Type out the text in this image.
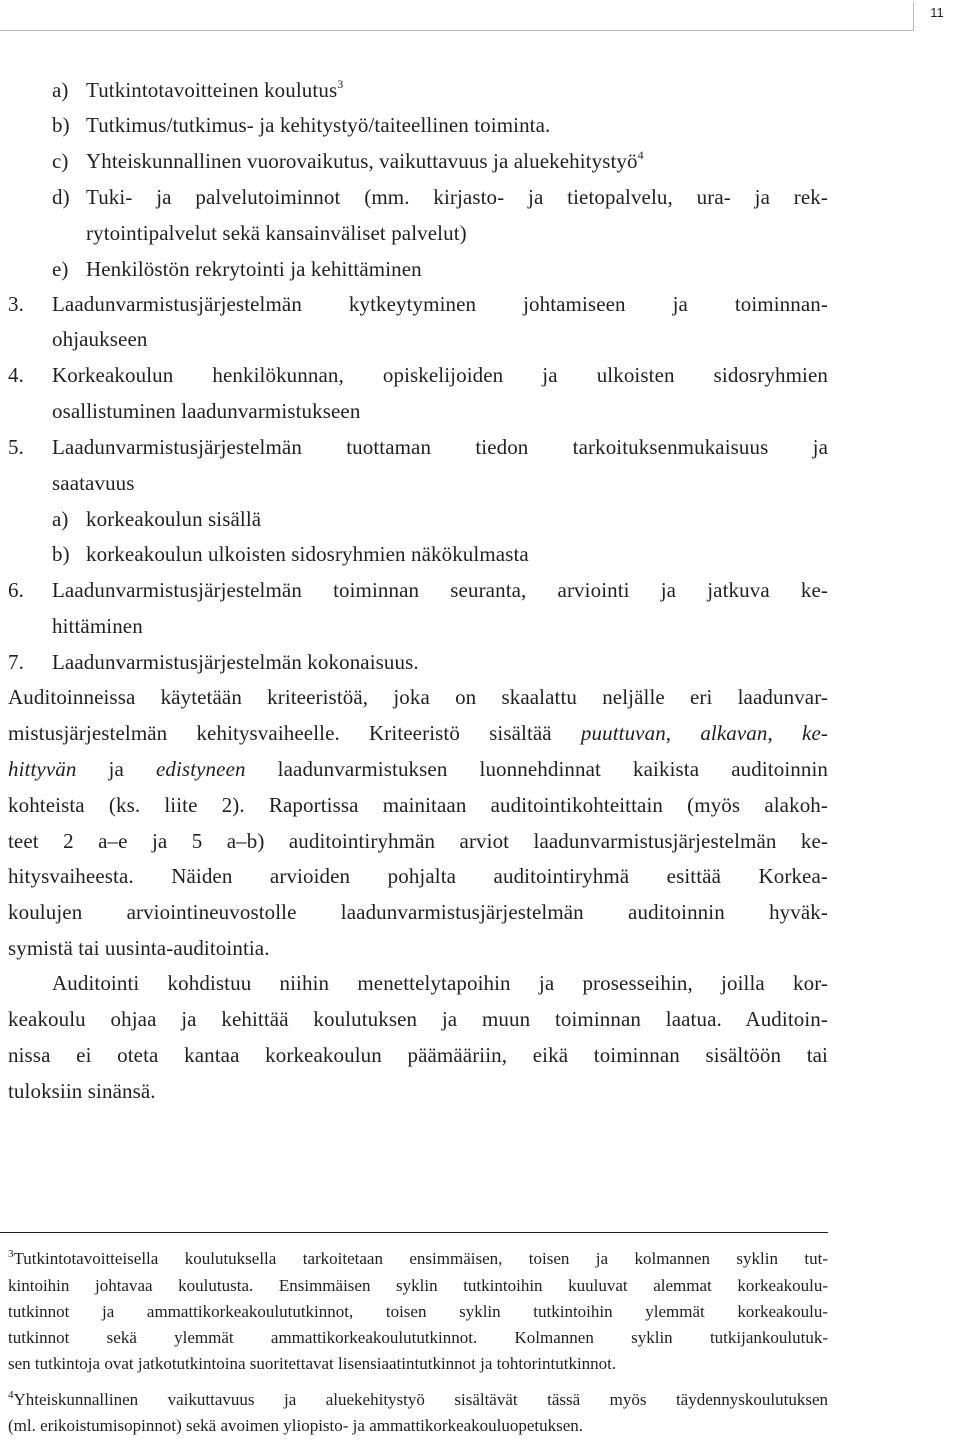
11
a) Tutkintotavoitteinen koulutus$^3$
b) Tutkimus/tutkimus- ja kehitystyö/taiteellinen toiminta.
c) Yhteiskunnallinen vuorovaikutus, vaikuttavuus ja aluekehitystyö$^4$
d) Tuki- ja palvelutoiminnot (mm. kirjasto- ja tietopalvelu, ura- ja rek-
rytointipalvelut sekä kansainväliset palvelut)
e) Henkilöstön rekrytointi ja kehittäminen
3. Laadunvarmistusjärjestelmän kytkeytyminen johtamiseen ja toiminnan-
ohjaukseen
4. Korkeakoulun henkilökunnan, opiskelijoiden ja ulkoisten sidosryhmien
osallistuminen laadunvarmistukseen
5. Laadunvarmistusjärjestelmän tuottaman tiedon tarkoituksenmukaisuus ja
saatavuus
a) korkeakoulun sisällä
b) korkeakoulun ulkoisten sidosryhmien näkökulmasta
6. Laadunvarmistusjärjestelmän toiminnan seuranta, arviointi ja jatkuva ke-
hittäminen
7. Laadunvarmistusjärjestelmän kokonaisuus.
Auditoinneissa käytetään kriteeristöä, joka on skaalattu neljälle eri laadunvar-
mistusjärjestelmän kehitysvaiheelle. Kriteeristö sisältää puuttuvan, alkavan, ke-
hittyvän ja edistyneen laadunvarmistuksen luonnehdinnat kaikista auditoinnin
kohteista (ks. liite 2). Raportissa mainitaan auditointikohteittain (myös alakoh-
teet 2 a–e ja 5 a–b) auditointiryhmän arviot laadunvarmistusjärjestelmän ke-
hitysvaiheesta. Näiden arvioiden pohjalta auditointiryhmä esittää Korkea-
koulujen arviointineuvostolle laadunvarmistusjärjestelmän auditoinnin hyväk-
symistä tai uusinta-auditointia.
Auditointi kohdistuu niihin menettelytapoihin ja prosesseihin, joilla kor-
keakoulu ohjaa ja kehittää koulutuksen ja muun toiminnan laatua. Auditoin-
nissa ei oteta kantaa korkeakoulun päämääriin, eikä toiminnan sisältöön tai
tuloksiin sinänsä.
$^3$Tutkintotavoitteisella koulutuksella tarkoitetaan ensimmäisen, toisen ja kolmannen syklin tut-
kintoihin johtavaa koulutusta. Ensimmäisen syklin tutkintoihin kuuluvat alemmat korkeakoulu-
tutkinnot ja ammattikorkeakoulututkinnot, toisen syklin tutkintoihin ylemmät korkeakoulu-
tutkinnot sekä ylemmät ammattikorkeakoulututkinnot. Kolmannen syklin tutkijankoulutuk-
sen tutkintoja ovat jatkotutkintoina suoritettavat lisensiaatintutkinnot ja tohtorintutkinnot.
$^4$Yhteiskunnallinen vaikuttavuus ja aluekehitystyö sisältävät tässä myös täydennyskoulutuksen
(ml. erikoistumisopinnot) sekä avoimen yliopisto- ja ammattikorkeakouluopetuksen.
